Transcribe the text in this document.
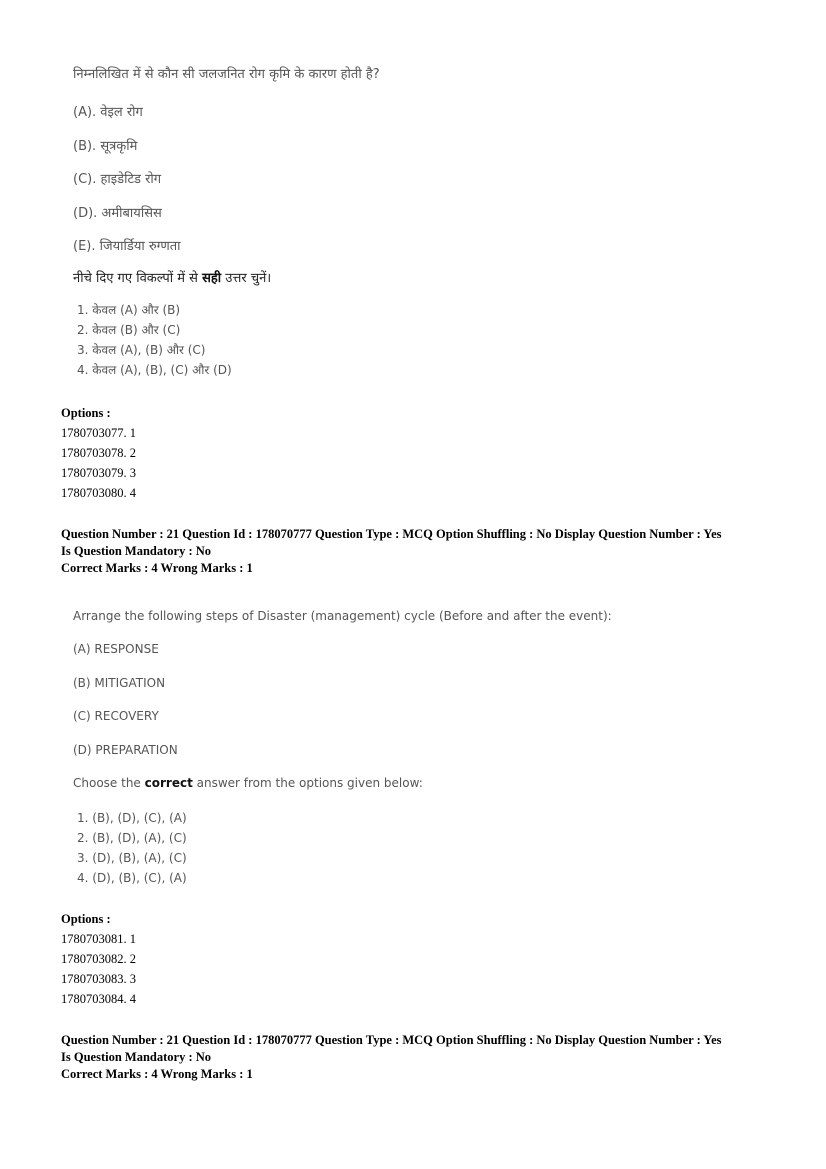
निम्नलिखित में से कौन सी जलजनित रोग कृमि के कारण होती है?
(A). वेइल रोग
(B). सूत्रकृमि
(C). हाइडेटिड रोग
(D). अमीबायसिस
(E). जियार्डिया रुग्णता
नीचे दिए गए विकल्पों में से सही उत्तर चुनें।
1. केवल (A) और (B)
2. केवल (B) और (C)
3. केवल (A), (B) और (C)
4. केवल (A), (B), (C) और (D)
Options :
1780703077. 1
1780703078. 2
1780703079. 3
1780703080. 4
Question Number : 21 Question Id : 178070777 Question Type : MCQ Option Shuffling : No Display Question Number : Yes
Is Question Mandatory : No
Correct Marks : 4 Wrong Marks : 1
Arrange the following steps of Disaster (management) cycle (Before and after the event):
(A) RESPONSE
(B) MITIGATION
(C) RECOVERY
(D) PREPARATION
Choose the correct answer from the options given below:
1. (B), (D), (C), (A)
2. (B), (D), (A), (C)
3. (D), (B), (A), (C)
4. (D), (B), (C), (A)
Options :
1780703081. 1
1780703082. 2
1780703083. 3
1780703084. 4
Question Number : 21 Question Id : 178070777 Question Type : MCQ Option Shuffling : No Display Question Number : Yes
Is Question Mandatory : No
Correct Marks : 4 Wrong Marks : 1
